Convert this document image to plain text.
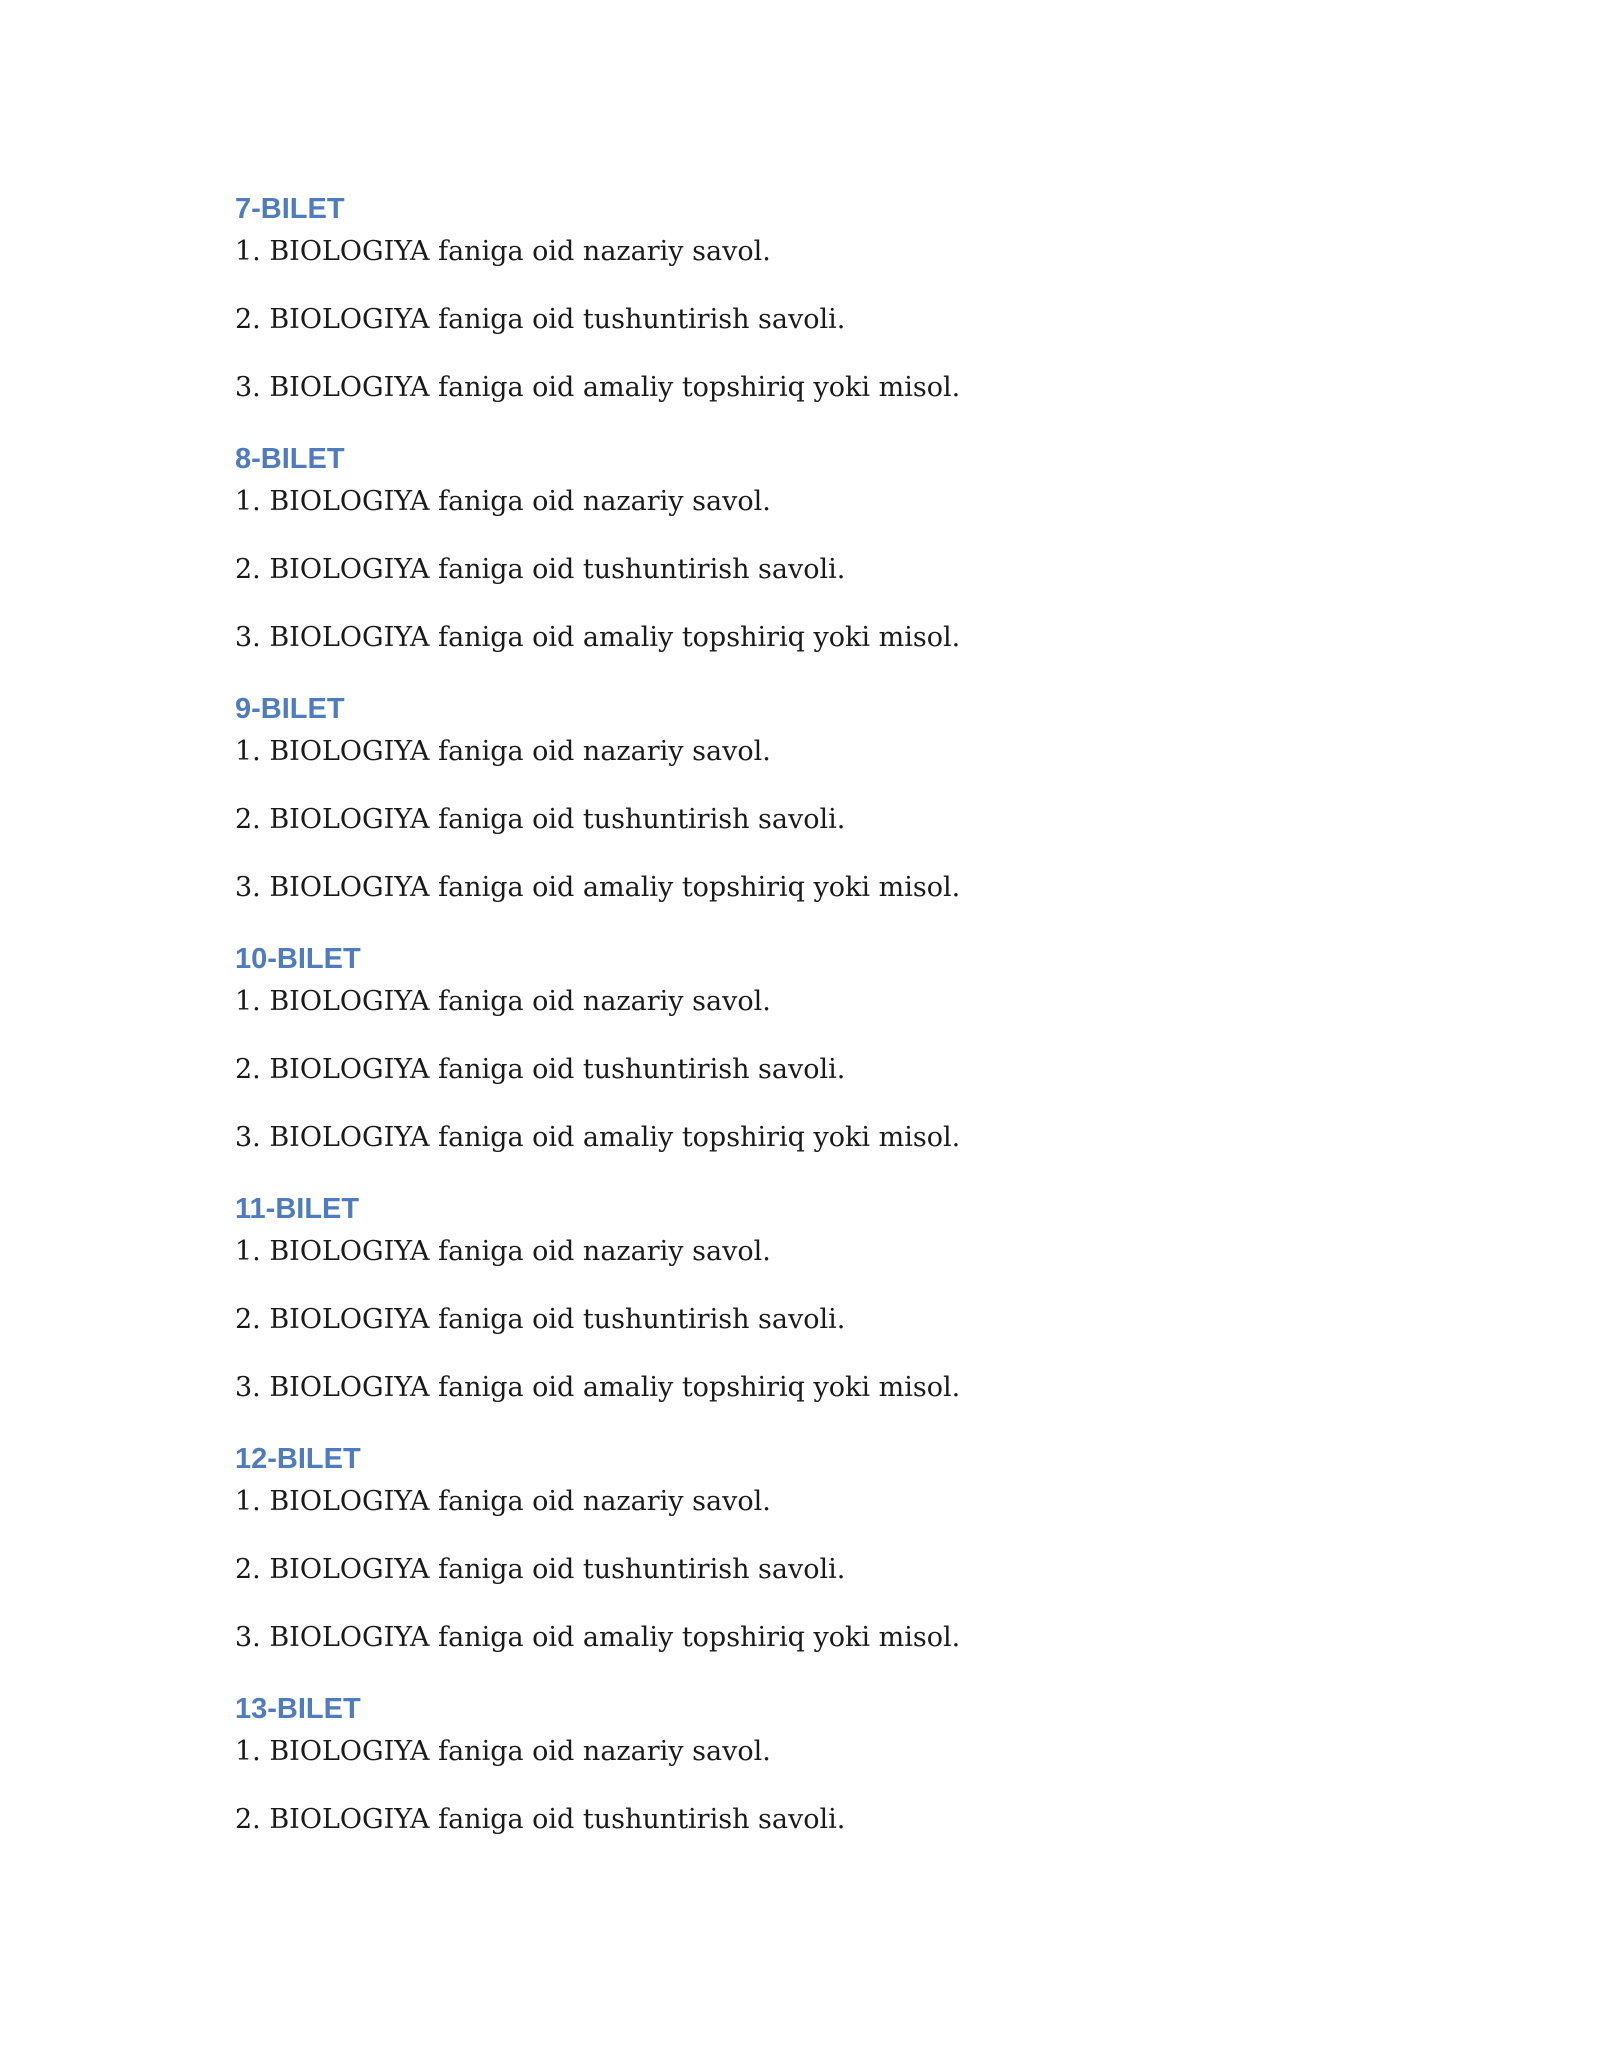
7-BILET

1. BIOLOGIYA faniga oid nazariy savol.

2. BIOLOGIYA faniga oid tushuntirish savoli.

3. BIOLOGIYA faniga oid amaliy topshiriq yoki misol.

8-BILET

1. BIOLOGIYA faniga oid nazariy savol.

2. BIOLOGIYA faniga oid tushuntirish savoli.

3. BIOLOGIYA faniga oid amaliy topshiriq yoki misol.

9-BILET

1. BIOLOGIYA faniga oid nazariy savol.

2. BIOLOGIYA faniga oid tushuntirish savoli.

3. BIOLOGIYA faniga oid amaliy topshiriq yoki misol.

10-BILET

1. BIOLOGIYA faniga oid nazariy savol.

2. BIOLOGIYA faniga oid tushuntirish savoli.

3. BIOLOGIYA faniga oid amaliy topshiriq yoki misol.

11-BILET

1. BIOLOGIYA faniga oid nazariy savol.

2. BIOLOGIYA faniga oid tushuntirish savoli.

3. BIOLOGIYA faniga oid amaliy topshiriq yoki misol.

12-BILET

1. BIOLOGIYA faniga oid nazariy savol.

2. BIOLOGIYA faniga oid tushuntirish savoli.

3. BIOLOGIYA faniga oid amaliy topshiriq yoki misol.

13-BILET

1. BIOLOGIYA faniga oid nazariy savol.

2. BIOLOGIYA faniga oid tushuntirish savoli.
